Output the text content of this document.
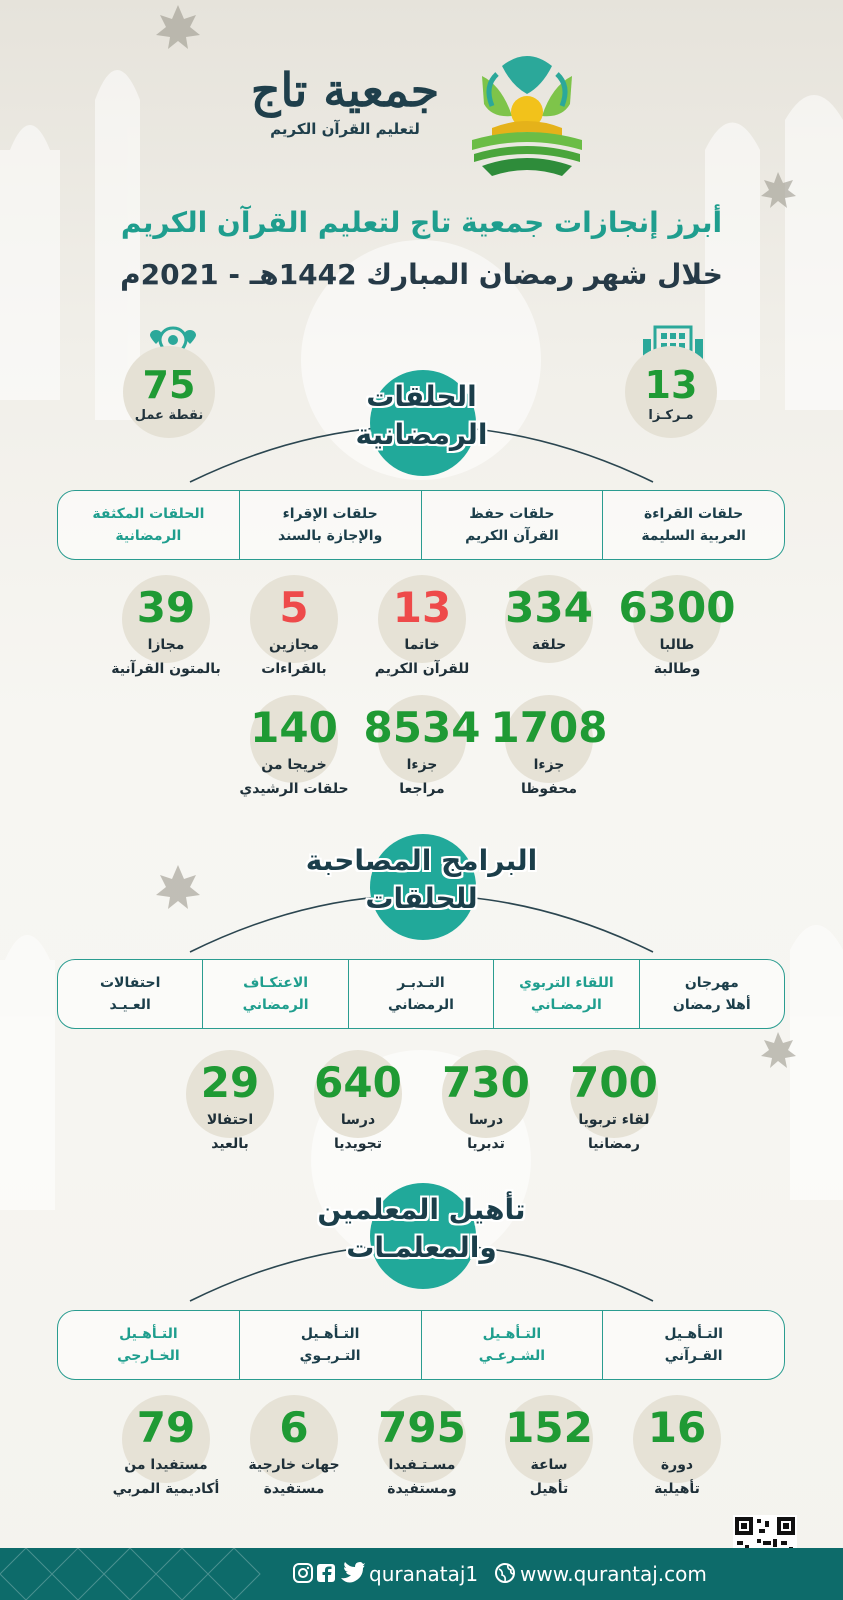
جمعية تاج
لتعليم القرآن الكريم
أبرز إنجازات جمعية تاج لتعليم القرآن الكريم
خلال شهر رمضان المبارك 1442هـ - 2021م
13
مـركـزا
75
نقطة عمل
الحلقات
الرمضانية
حلقات القراءة
العربية السليمة
حلقات حفظ
القرآن الكريم
حلقات الإقراء
والإجازة بالسند
الحلقات المكثفة
الرمضانية
6300
طالبا
وطالبة
334
حلقة
13
خاتما
للقرآن الكريم
5
مجازين
بالقراءات
39
مجازا
بالمتون القرآنية
1708
جزءا
محفوظا
8534
جزءا
مراجعا
140
خريجا من
حلقات الرشيدي
البرامج المصاحبة
للحلقات
مهرجان
أهلا رمضان
اللقاء التربوي
الرمضـاني
التـدبـر
الرمضاني
الاعتكـاف
الرمضاني
احتفالات
العـيـد
700
لقاء تربويا
رمضانيا
730
درسا
تدبريا
640
درسا
تجويديا
29
احتفالا
بالعيد
تأهيل المعلمين
والمعلمـات
التـأهـيل
القـرآني
التـأهـيل
الشـرعـي
التـأهـيل
التـربـوي
التـأهـيل
الخـارجي
16
دورة
تأهيلية
152
ساعة
تأهيل
795
مسـتـفيدا
ومستفيدة
6
جهات خارجية
مستفيدة
79
مستفيدا من
أكاديمية المربي
quranataj1 www.qurantaj.com
